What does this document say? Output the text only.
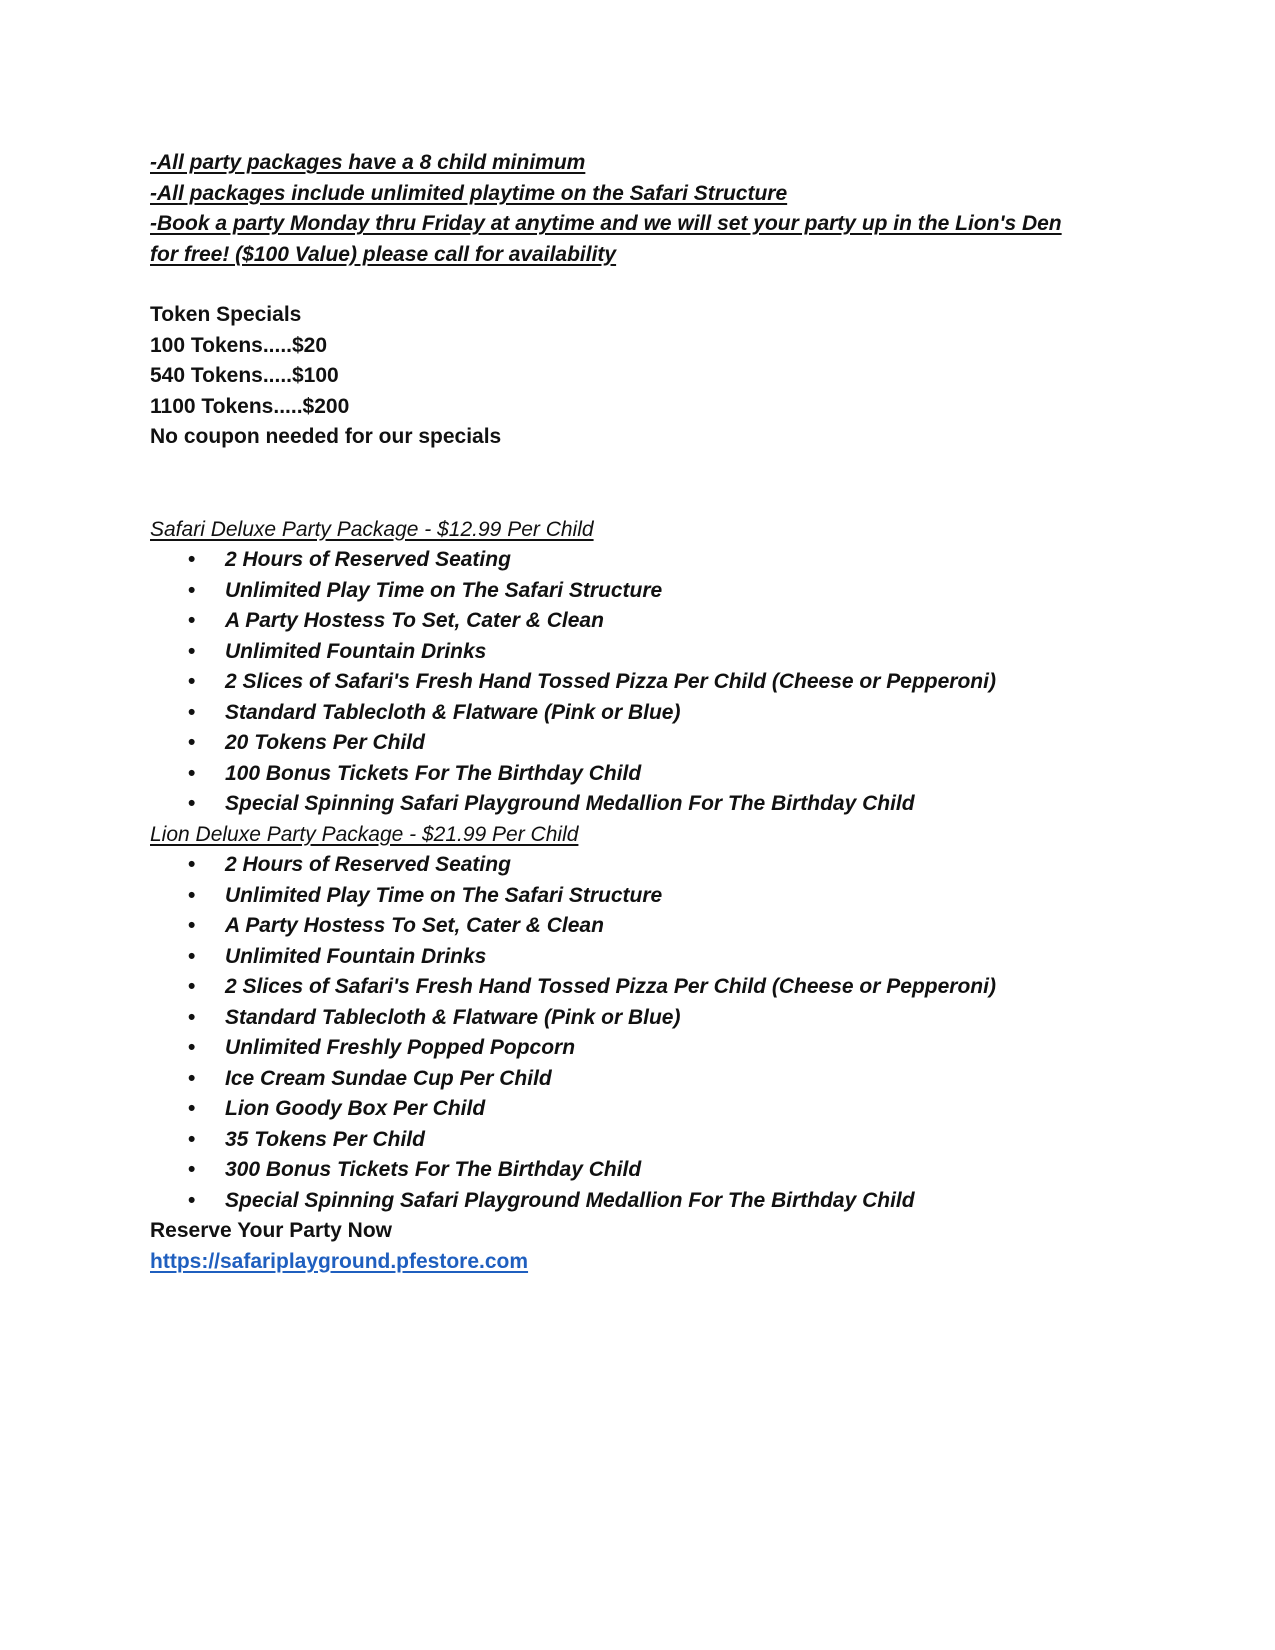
-All party packages have a 8 child minimum
-All packages include unlimited playtime on the Safari Structure
-Book a party Monday thru Friday at anytime and we will set your party up in the Lion's Den
for free! ($100 Value) please call for availability
Token Specials
100 Tokens.....$20
540 Tokens.....$100
1100 Tokens.....$200
No coupon needed for our specials
Safari Deluxe Party Package - $12.99 Per Child
• 2 Hours of Reserved Seating
• Unlimited Play Time on The Safari Structure
• A Party Hostess To Set, Cater & Clean
• Unlimited Fountain Drinks
• 2 Slices of Safari's Fresh Hand Tossed Pizza Per Child (Cheese or Pepperoni)
• Standard Tablecloth & Flatware (Pink or Blue)
• 20 Tokens Per Child
• 100 Bonus Tickets For The Birthday Child
• Special Spinning Safari Playground Medallion For The Birthday Child
Lion Deluxe Party Package - $21.99 Per Child
• 2 Hours of Reserved Seating
• Unlimited Play Time on The Safari Structure
• A Party Hostess To Set, Cater & Clean
• Unlimited Fountain Drinks
• 2 Slices of Safari's Fresh Hand Tossed Pizza Per Child (Cheese or Pepperoni)
• Standard Tablecloth & Flatware (Pink or Blue)
• Unlimited Freshly Popped Popcorn
• Ice Cream Sundae Cup Per Child
• Lion Goody Box Per Child
• 35 Tokens Per Child
• 300 Bonus Tickets For The Birthday Child
• Special Spinning Safari Playground Medallion For The Birthday Child
Reserve Your Party Now
https://safariplayground.pfestore.com
